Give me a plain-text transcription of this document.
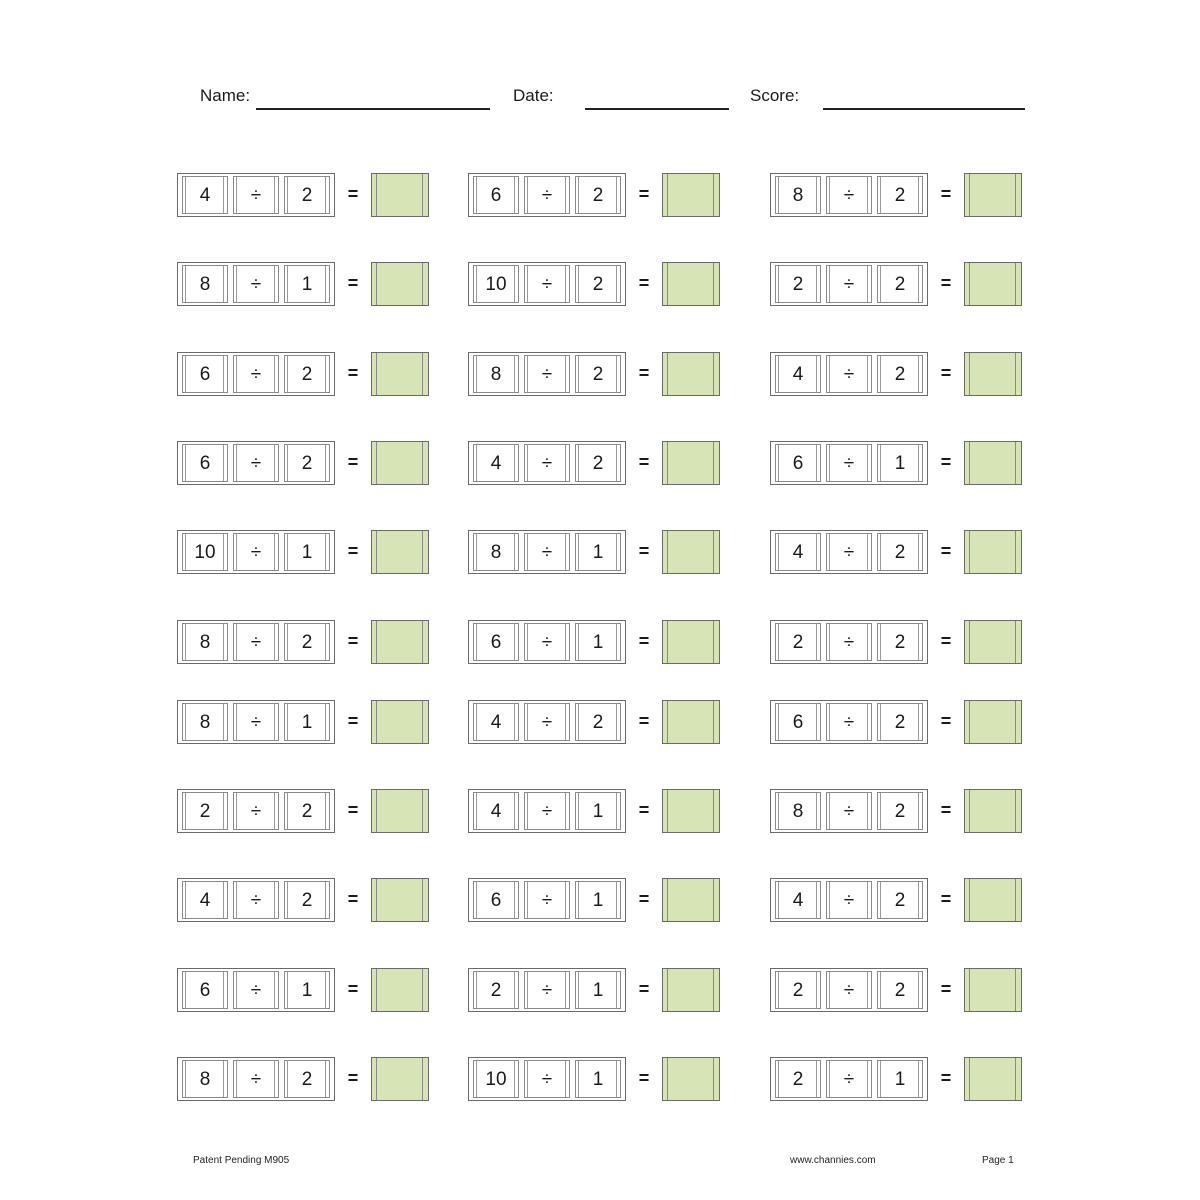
Name:	Date:	Score:
4	÷	2	=	6	÷	2	=	8	÷	2	=
8	÷	1	=	10	÷	2	=	2	÷	2	=
6	÷	2	=	8	÷	2	=	4	÷	2	=
6	÷	2	=	4	÷	2	=	6	÷	1	=
10	÷	1	=	8	÷	1	=	4	÷	2	=
8	÷	2	=	6	÷	1	=	2	÷	2	=
8	÷	1	=	4	÷	2	=	6	÷	2	=
2	÷	2	=	4	÷	1	=	8	÷	2	=
4	÷	2	=	6	÷	1	=	4	÷	2	=
6	÷	1	=	2	÷	1	=	2	÷	2	=
8	÷	2	=	10	÷	1	=	2	÷	1	=
Patent Pending M905	www.channies.com	Page 1
